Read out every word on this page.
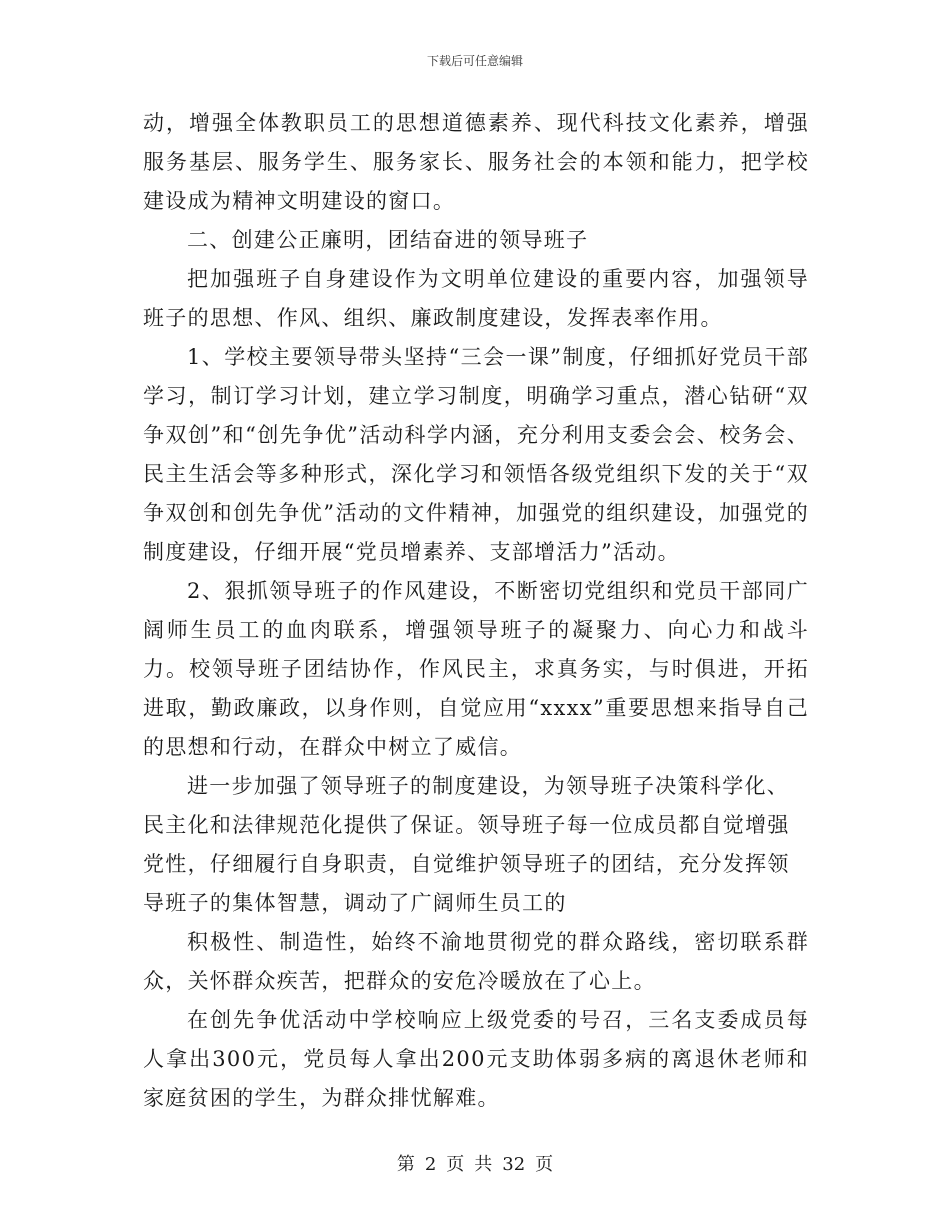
下载后可任意编辑

动，增强全体教职员工的思想道德素养、现代科技文化素养，增强服务基层、服务学生、服务家长、服务社会的本领和能力，把学校建设成为精神文明建设的窗口。

二、创建公正廉明，团结奋进的领导班子

把加强班子自身建设作为文明单位建设的重要内容，加强领导班子的思想、作风、组织、廉政制度建设，发挥表率作用。

1、学校主要领导带头坚持“三会一课”制度，仔细抓好党员干部学习，制订学习计划，建立学习制度，明确学习重点，潜心钻研“双争双创”和“创先争优”活动科学内涵，充分利用支委会会、校务会、民主生活会等多种形式，深化学习和领悟各级党组织下发的关于“双争双创和创先争优”活动的文件精神，加强党的组织建设，加强党的制度建设，仔细开展“党员增素养、支部增活力”活动。

2、狠抓领导班子的作风建设，不断密切党组织和党员干部同广阔师生员工的血肉联系，增强领导班子的凝聚力、向心力和战斗力。校领导班子团结协作，作风民主，求真务实，与时俱进，开拓进取，勤政廉政，以身作则，自觉应用“xxxx”重要思想来指导自己的思想和行动，在群众中树立了威信。

进一步加强了领导班子的制度建设，为领导班子决策科学化、民主化和法律规范化提供了保证。领导班子每一位成员都自觉增强党性，仔细履行自身职责，自觉维护领导班子的团结，充分发挥领导班子的集体智慧，调动了广阔师生员工的

积极性、制造性，始终不渝地贯彻党的群众路线，密切联系群众，关怀群众疾苦，把群众的安危冷暖放在了心上。

在创先争优活动中学校响应上级党委的号召，三名支委成员每人拿出300元，党员每人拿出200元支助体弱多病的离退休老师和家庭贫困的学生，为群众排忧解难。

第 2 页 共 32 页
